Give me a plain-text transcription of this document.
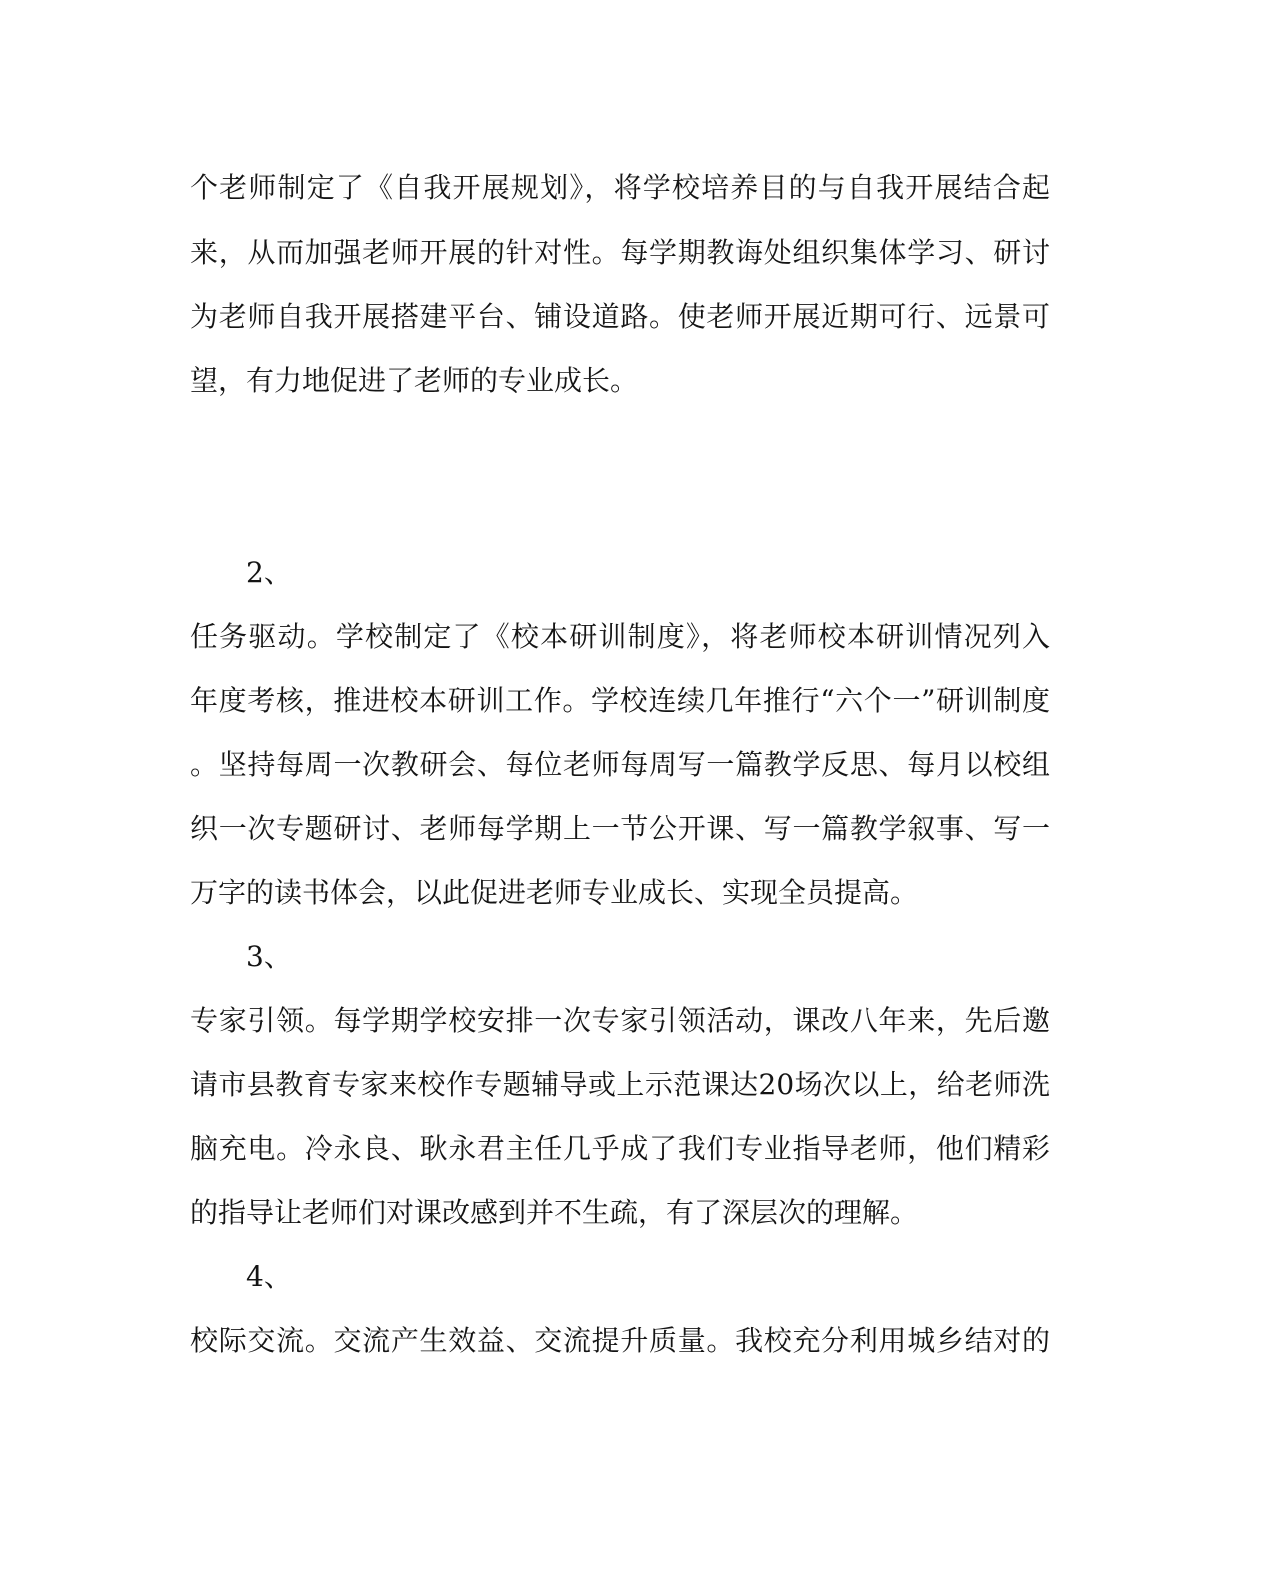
个老师制定了《自我开展规划》，将学校培养目的与自我开展结合起
来，从而加强老师开展的针对性。每学期教诲处组织集体学习、研讨
为老师自我开展搭建平台、铺设道路。使老师开展近期可行、远景可
望，有力地促进了老师的专业成长。
2、
任务驱动。学校制定了《校本研训制度》，将老师校本研训情况列入
年度考核，推进校本研训工作。学校连续几年推行“六个一”研训制度
。坚持每周一次教研会、每位老师每周写一篇教学反思、每月以校组
织一次专题研讨、老师每学期上一节公开课、写一篇教学叙事、写一
万字的读书体会，以此促进老师专业成长、实现全员提高。
3、
专家引领。每学期学校安排一次专家引领活动，课改八年来，先后邀
请市县教育专家来校作专题辅导或上示范课达20场次以上，给老师洗
脑充电。冷永良、耿永君主任几乎成了我们专业指导老师，他们精彩
的指导让老师们对课改感到并不生疏，有了深层次的理解。
4、
校际交流。交流产生效益、交流提升质量。我校充分利用城乡结对的
